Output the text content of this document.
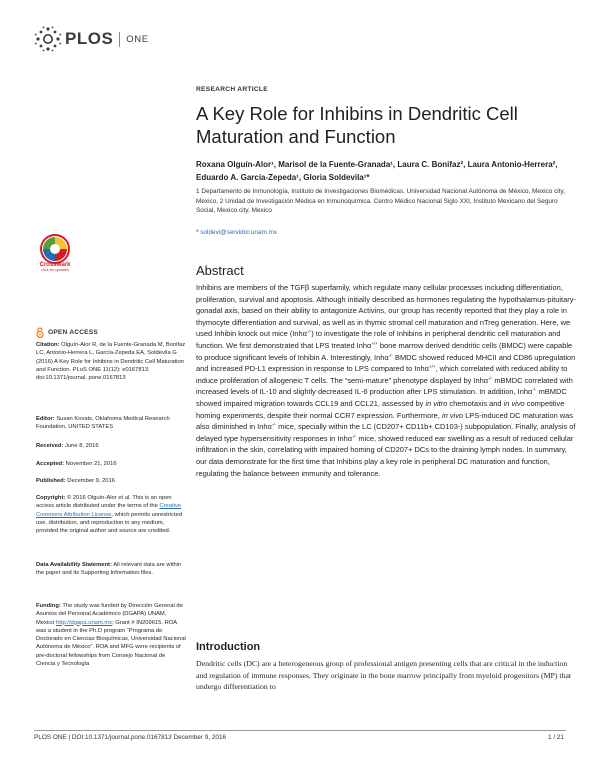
PLOS ONE
RESEARCH ARTICLE
A Key Role for Inhibins in Dendritic Cell Maturation and Function
Roxana Olguín-Alor¹, Marisol de la Fuente-Granada¹, Laura C. Bonifaz², Laura Antonio-Herrera², Eduardo A. García-Zepeda¹, Gloria Soldevila¹*
1 Departamento de Inmunología, Instituto de Investigaciones Biomédicas, Universidad Nacional Autónoma de México, Mexico city, Mexico, 2 Unidad de Investigación Médica en Inmunoquímica. Centro Médico Nacional Siglo XXI, Instituto Mexicano del Seguro Social, Mexico city, Mexico
* soldevi@servidor.unam.mx
CrossMark
click for updates
OPEN ACCESS
Citation: Olguín-Alor R, de la Fuente-Granada M, Bonifaz LC, Antonio-Herrera L, García-Zepeda EA, Soldevila G (2016) A Key Role for Inhibins in Dendritic Cell Maturation and Function. PLoS ONE 11(12): e0167813. doi:10.1371/journal. pone.0167813
Editor: Susan Kovats, Oklahoma Medical Research Foundation, UNITED STATES
Received: June 8, 2016
Accepted: November 21, 2016
Published: December 9, 2016
Copyright: © 2016 Olguín-Alor et al. This is an open access article distributed under the terms of the Creative Commons Attribution License, which permits unrestricted use, distribution, and reproduction in any medium, provided the original author and source are credited.
Data Availability Statement: All relevant data are within the paper and its Supporting Information files.
Funding: The study was funded by Dirección General de Asuntos del Personal Académico (DGAPA) UNAM, Mexico http://dgapa.unam.mx; Grant # IN209615. ROA was a student in the Ph.D program “Programa de Doctorado en Ciencias Bioquímicas, Universidad Nacional Autónoma de México”. ROA and MFG were recipients of pre-doctoral fellowships from Consejo Nacional de Ciencia y Tecnología
Abstract
Inhibins are members of the TGFβ superfamily, which regulate many cellular processes including differentiation, proliferation, survival and apoptosis. Although initially described as hormones regulating the hypothalamus-pituitary-gonadal axis, based on their ability to antagonize Activins, our group has recently reported that they play a role in thymocyte differentiation and survival, as well as in thymic stromal cell maturation and nTreg generation. Here, we used Inhibin knock out mice (Inhα-/-) to investigate the role of Inhibins in peripheral dendritic cell maturation and function. We first demonstrated that LPS treated Inhα+/+ bone marrow derived dendritic cells (BMDC) were capable to produce significant levels of Inhibin A. Interestingly, Inhα-/- BMDC showed reduced MHCII and CD86 upregulation and increased PD-L1 expression in response to LPS compared to Inhα+/+, which correlated with reduced ability to induce proliferation of allogeneic T cells. The “semi-mature” phenotype displayed by Inhα-/- mBMDC correlated with increased levels of IL-10 and slightly decreased IL-6 production after LPS stimulation. In addition, Inhα-/- mBMDC showed impaired migration towards CCL19 and CCL21, assessed by in vitro chemotaxis and in vivo competitive homing experiments, despite their normal CCR7 expression. Furthermore, in vivo LPS-induced DC maturation was also diminished in Inhα-/- mice, specially within the LC (CD207+ CD11b+ CD103-) subpopulation. Finally, analysis of delayed type hypersensitivity responses in Inhα-/- mice, showed reduced ear swelling as a result of reduced cellular infiltration in the skin, correlating with impaired homing of CD207+ DCs to the draining lymph nodes. In summary, our data demonstrate for the first time that Inhibins play a key role in peripheral DC maturation and function, regulating the balance between immunity and tolerance.
Introduction
Dendritic cells (DC) are a heterogeneous group of professional antigen presenting cells that are critical in the induction and regulation of immune responses. They originate in the bone marrow principally from myeloid progenitors (MP) that undergo differentiation to
PLOS ONE | DOI:10.1371/journal.pone.0167813 December 9, 2016	1 / 21
